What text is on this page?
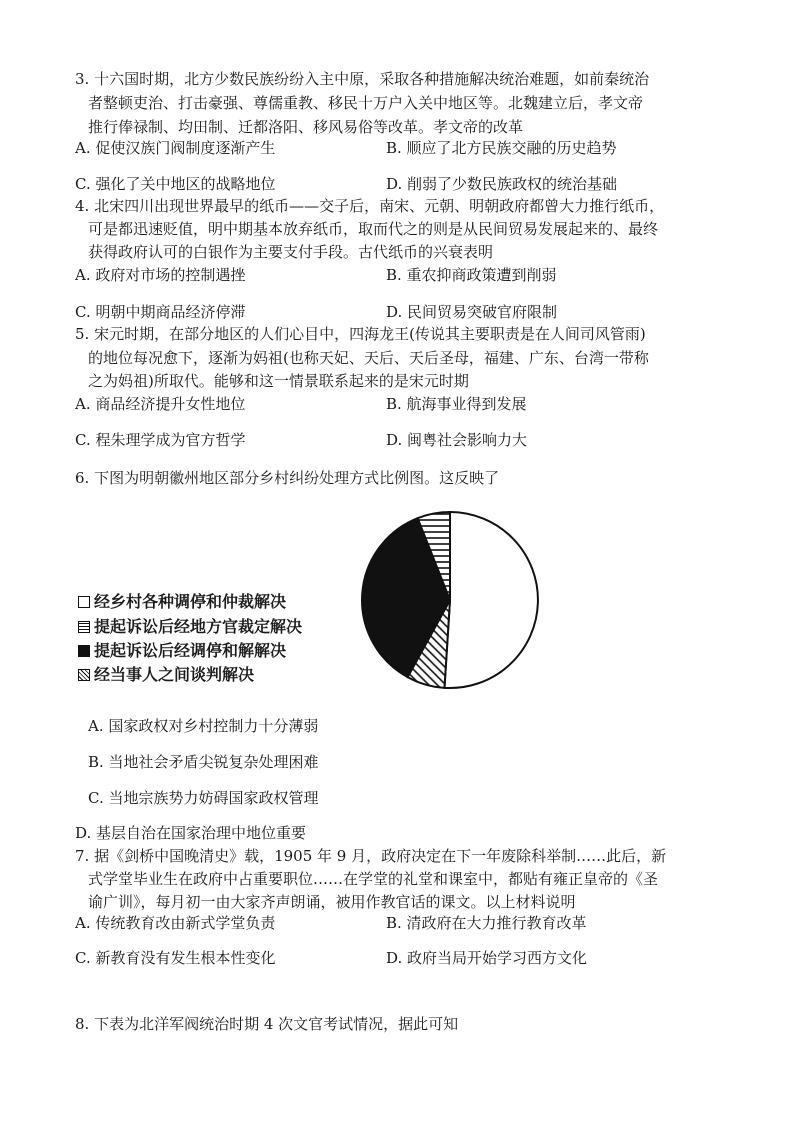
3. 十六国时期，北方少数民族纷纷入主中原，采取各种措施解决统治难题，如前秦统治
者整顿吏治、打击豪强、尊儒重教、移民十万户入关中地区等。北魏建立后，孝文帝
推行俸禄制、均田制、迁都洛阳、移风易俗等改革。孝文帝的改革
A. 促使汉族门阀制度逐渐产生	B. 顺应了北方民族交融的历史趋势
C. 强化了关中地区的战略地位	D. 削弱了少数民族政权的统治基础
4. 北宋四川出现世界最早的纸币——交子后，南宋、元朝、明朝政府都曾大力推行纸币，
可是都迅速贬值，明中期基本放弃纸币，取而代之的则是从民间贸易发展起来的、最终
获得政府认可的白银作为主要支付手段。古代纸币的兴衰表明
A. 政府对市场的控制遇挫	B. 重农抑商政策遭到削弱
C. 明朝中期商品经济停滞	D. 民间贸易突破官府限制
5. 宋元时期，在部分地区的人们心目中，四海龙王(传说其主要职责是在人间司风管雨)
的地位每况愈下，逐渐为妈祖(也称天妃、天后、天后圣母，福建、广东、台湾一带称
之为妈祖)所取代。能够和这一情景联系起来的是宋元时期
A. 商品经济提升女性地位	B. 航海事业得到发展
C. 程朱理学成为官方哲学	D. 闽粤社会影响力大
6. 下图为明朝徽州地区部分乡村纠纷处理方式比例图。这反映了
经乡村各种调停和仲裁解决
提起诉讼后经地方官裁定解决
提起诉讼后经调停和解解决
经当事人之间谈判解决
A. 国家政权对乡村控制力十分薄弱
B. 当地社会矛盾尖锐复杂处理困难
C. 当地宗族势力妨碍国家政权管理
D. 基层自治在国家治理中地位重要
7. 据《剑桥中国晚清史》载，1905 年 9 月，政府决定在下一年废除科举制……此后，新
式学堂毕业生在政府中占重要职位……在学堂的礼堂和课室中，都贴有雍正皇帝的《圣
谕广训》，每月初一由大家齐声朗诵，被用作教官话的课文。以上材料说明
A. 传统教育改由新式学堂负责	B. 清政府在大力推行教育改革
C. 新教育没有发生根本性变化	D. 政府当局开始学习西方文化
8. 下表为北洋军阀统治时期 4 次文官考试情况，据此可知
